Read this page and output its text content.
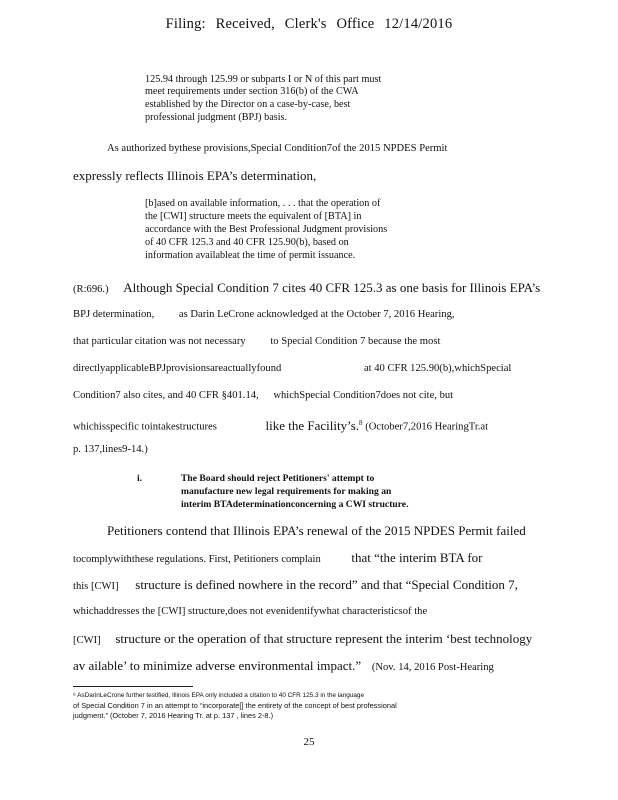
Filing: Received, Clerk's Office 12/14/2016
125.94 through 125.99 or subparts I or N of this part must
meet requirements under section 316(b) of the CWA
established by the Director on a case-by-case, best
professional judgment (BPJ) basis.
As authorized bythese provisions,Special Condition7of the 2015 NPDES Permit
expressly reflects Illinois EPA’s determination,
[b]ased on available information, . . . that the operation of
the [CWI] structure meets the equivalent of [BTA] in
accordance with the Best Professional Judgment provisions
of 40 CFR 125.3 and 40 CFR 125.90(b), based on
information availableat the time of permit issuance.
(R:696.) Although Special Condition 7 cites 40 CFR 125.3 as one basis for Illinois EPA’s
BPJ determination, as Darin LeCrone acknowledged at the October 7, 2016 Hearing,
that particular citation was not necessary to Special Condition 7 because the most
directlyapplicableBPJprovisionsareactuallyfound	at 40 CFR 125.90(b),whichSpecial
Condition7 also cites, and 40 CFR §401.14, whichSpecial Condition7does not cite, but
whichisspecific tointakestructures	like the Facility’s.$^8$ (October7,2016 HearingTr.at
p. 137,lines9-14.)
i.	The Board should reject Petitioners' attempt to
manufacture new legal requirements for making an
interim BTAdeterminationconcerning a CWI structure.
Petitioners contend that Illinois EPA’s renewal of the 2015 NPDES Permit failed
tocomplywiththese regulations. First, Petitioners complain that “the interim BTA for
this [CWI] structure is defined nowhere in the record” and that “Special Condition 7,
whichaddresses the [CWI] structure,does not evenidentifywhat characteristicsof the
[CWI] structure or the operation of that structure represent the interim ‘best technology
av ailable’ to minimize adverse environmental impact.” (Nov. 14, 2016 Post-Hearing
⁸ AsDarinLeCrone further testified, Illinois EPA only included a citation to 40 CFR 125.3 in the language
of Special Condition 7 in an attempt to “incorporate[] the entirety of the concept of best professional
judgment.” (October 7, 2016 Hearing Tr. at p. 137 , lines 2-8.)
25
